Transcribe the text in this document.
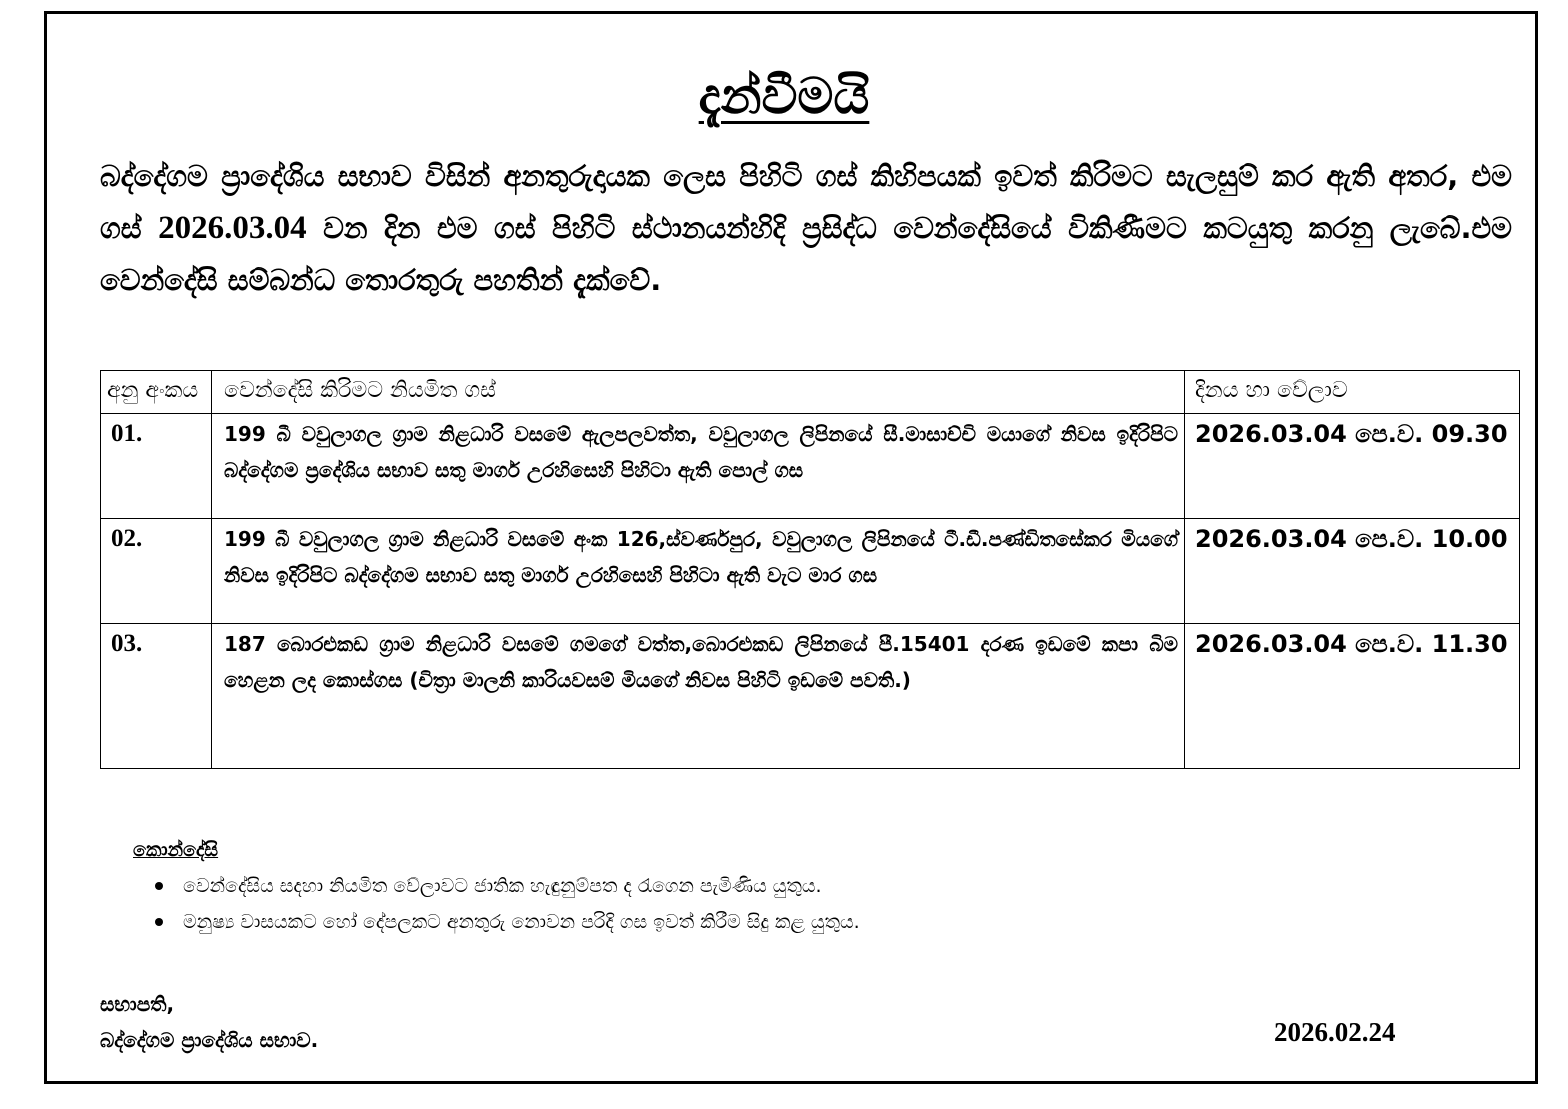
දැන්වීමයි
බද්දේගම ප්‍රාදේශිය සභාව විසින් අනතුරුදායක ලෙස පිහිටි ගස් කිහිපයක් ඉවත් කිරිමට සැලසුම් කර ඇති අතර, එම ගස් 2026.03.04 වන දින එම ගස් පිහිටි ස්ථානයන්හිදි ප්‍රසිද්ධ වෙන්දේසියේ විකිණීමට කටයුතු කරනු ලැබේ.එම වෙන්දේසි සම්බන්ධ තොරතුරු පහතින් දැක්වේ.
අනු අංකය	වෙන්දේසි කිරිමට නියමිත ගස්	දිනය හා වේලාව
01.	199 බී වවුලාගල ග්‍රාම නිළධාරි වසමේ ඇලපලවත්ත, වවුලාගල ලිපිනයේ සී.මාසාච්චි මයාගේ නිවස ඉදිරිපිට බද්දේගම ප්‍රදේශිය සභාව සතු මාර්ග උරහිසෙහි පිහිටා ඇති පොල් ගස	2026.03.04 පෙ.ව. 09.30
02.	199 බී වවුලාගල ග්‍රාම නිළධාරි වසමේ අංක 126,ස්වර්ණපුර, වවුලාගල ලිපිනයේ ටී.ඩී.පණ්ඩිතසේකර මියගේ නිවස ඉදිරිපිට බද්දේගම සභාව සතු මාර්ග උරහිසෙහි පිහිටා ඇති වැට මාර ගස	2026.03.04 පෙ.ව. 10.00
03.	187 බොරළුකඩ ග්‍රාම නිළධාරි වසමේ ගමගේ වත්ත,බොරළුකඩ ලිපිනයේ පී.15401 දරණ ඉඩමේ කපා බිම හෙළන ලද කොස්ගස (චිත්‍රා මාලනි කාරියවසම් මියගේ නිවස පිහිටි ඉඩමේ පවති.)	2026.03.04 පෙ.ව. 11.30
කොන්දේසි
වෙන්දේසිය සදහා නියමිත වේලාවට ජාතික හැඳුනුම්පත ද රැගෙන පැමිණිය යුතුය.
මනුෂ්‍ය වාසයකට හෝ දේපලකට අනතුරු නොවන පරිදි ගස ඉවත් කිරීම සිදු කළ යුතුය.
සභාපති,
බද්දේගම ප්‍රාදේශිය සභාව.	2026.02.24
